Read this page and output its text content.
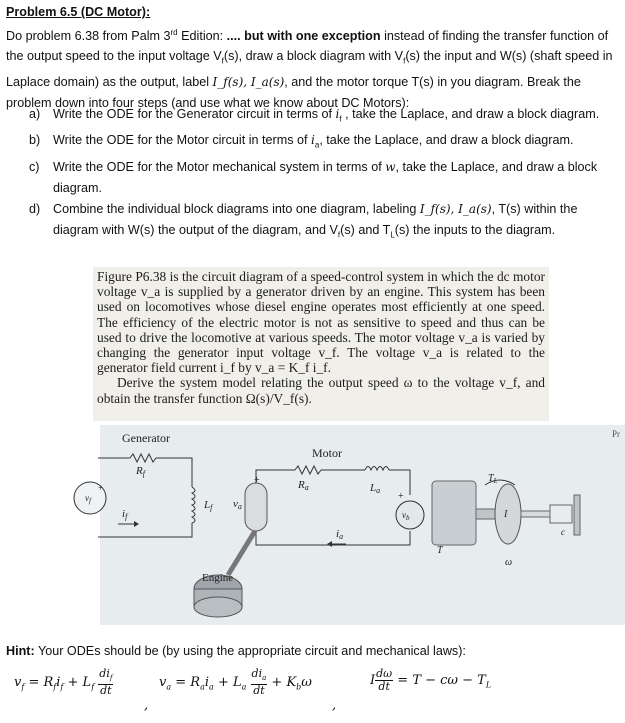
Problem 6.5 (DC Motor):

Do problem 6.38 from Palm 3rd Edition: .... but with one exception instead of finding the transfer function of the output speed to the input voltage $V_f(s)$, draw a block diagram with $V_f(s)$ the input and W(s) (shaft speed in Laplace domain) as the output, label I_f(s), I_a(s), and the motor torque T(s) in you diagram. Break the problem down into four steps (and use what we know about DC Motors):

a) Write the ODE for the Generator circuit in terms of $i_f$ , take the Laplace, and draw a block diagram.
b) Write the ODE for the Motor circuit in terms of $i_a$, take the Laplace, and draw a block diagram.
c) Write the ODE for the Motor mechanical system in terms of w, take the Laplace, and draw a block diagram.
d) Combine the individual block diagrams into one diagram, labeling I_f(s), I_a(s), T(s) within the diagram with W(s) the output of the diagram, and $V_f(s)$ and $T_L(s)$ the inputs to the diagram.

Figure P6.38 is the circuit diagram of a speed-control system in which the dc motor voltage v_a is supplied by a generator driven by an engine. This system has been used on locomotives whose diesel engine operates most efficiently at one speed. The efficiency of the electric motor is not as sensitive to speed and thus can be used to drive the locomotive at various speeds. The motor voltage v_a is varied by changing the generator input voltage v_f. The voltage v_a is related to the generator field current i_f by v_a = K_f i_f.

Derive the system model relating the output speed ω to the voltage v_f, and obtain the transfer function Ω(s)/V_f(s).

Generator
Rf
Lf
$v_f$
if
+
va
+	Ra
Motor
La
$v_b$
+
ia
I
c
$T_L$
T
ω
Pr
Engine
Hint: Your ODEs should be (by using the appropriate circuit and mechanical laws):
$v_f = R_fi_f + L_f \frac{di_f}{dt}$	$v_a = R_ai_a + L_a \frac{di_a}{dt} + K_b\omega$	I $\frac{d\omega}{dt} = T - c\omega - T_L$
,	,
